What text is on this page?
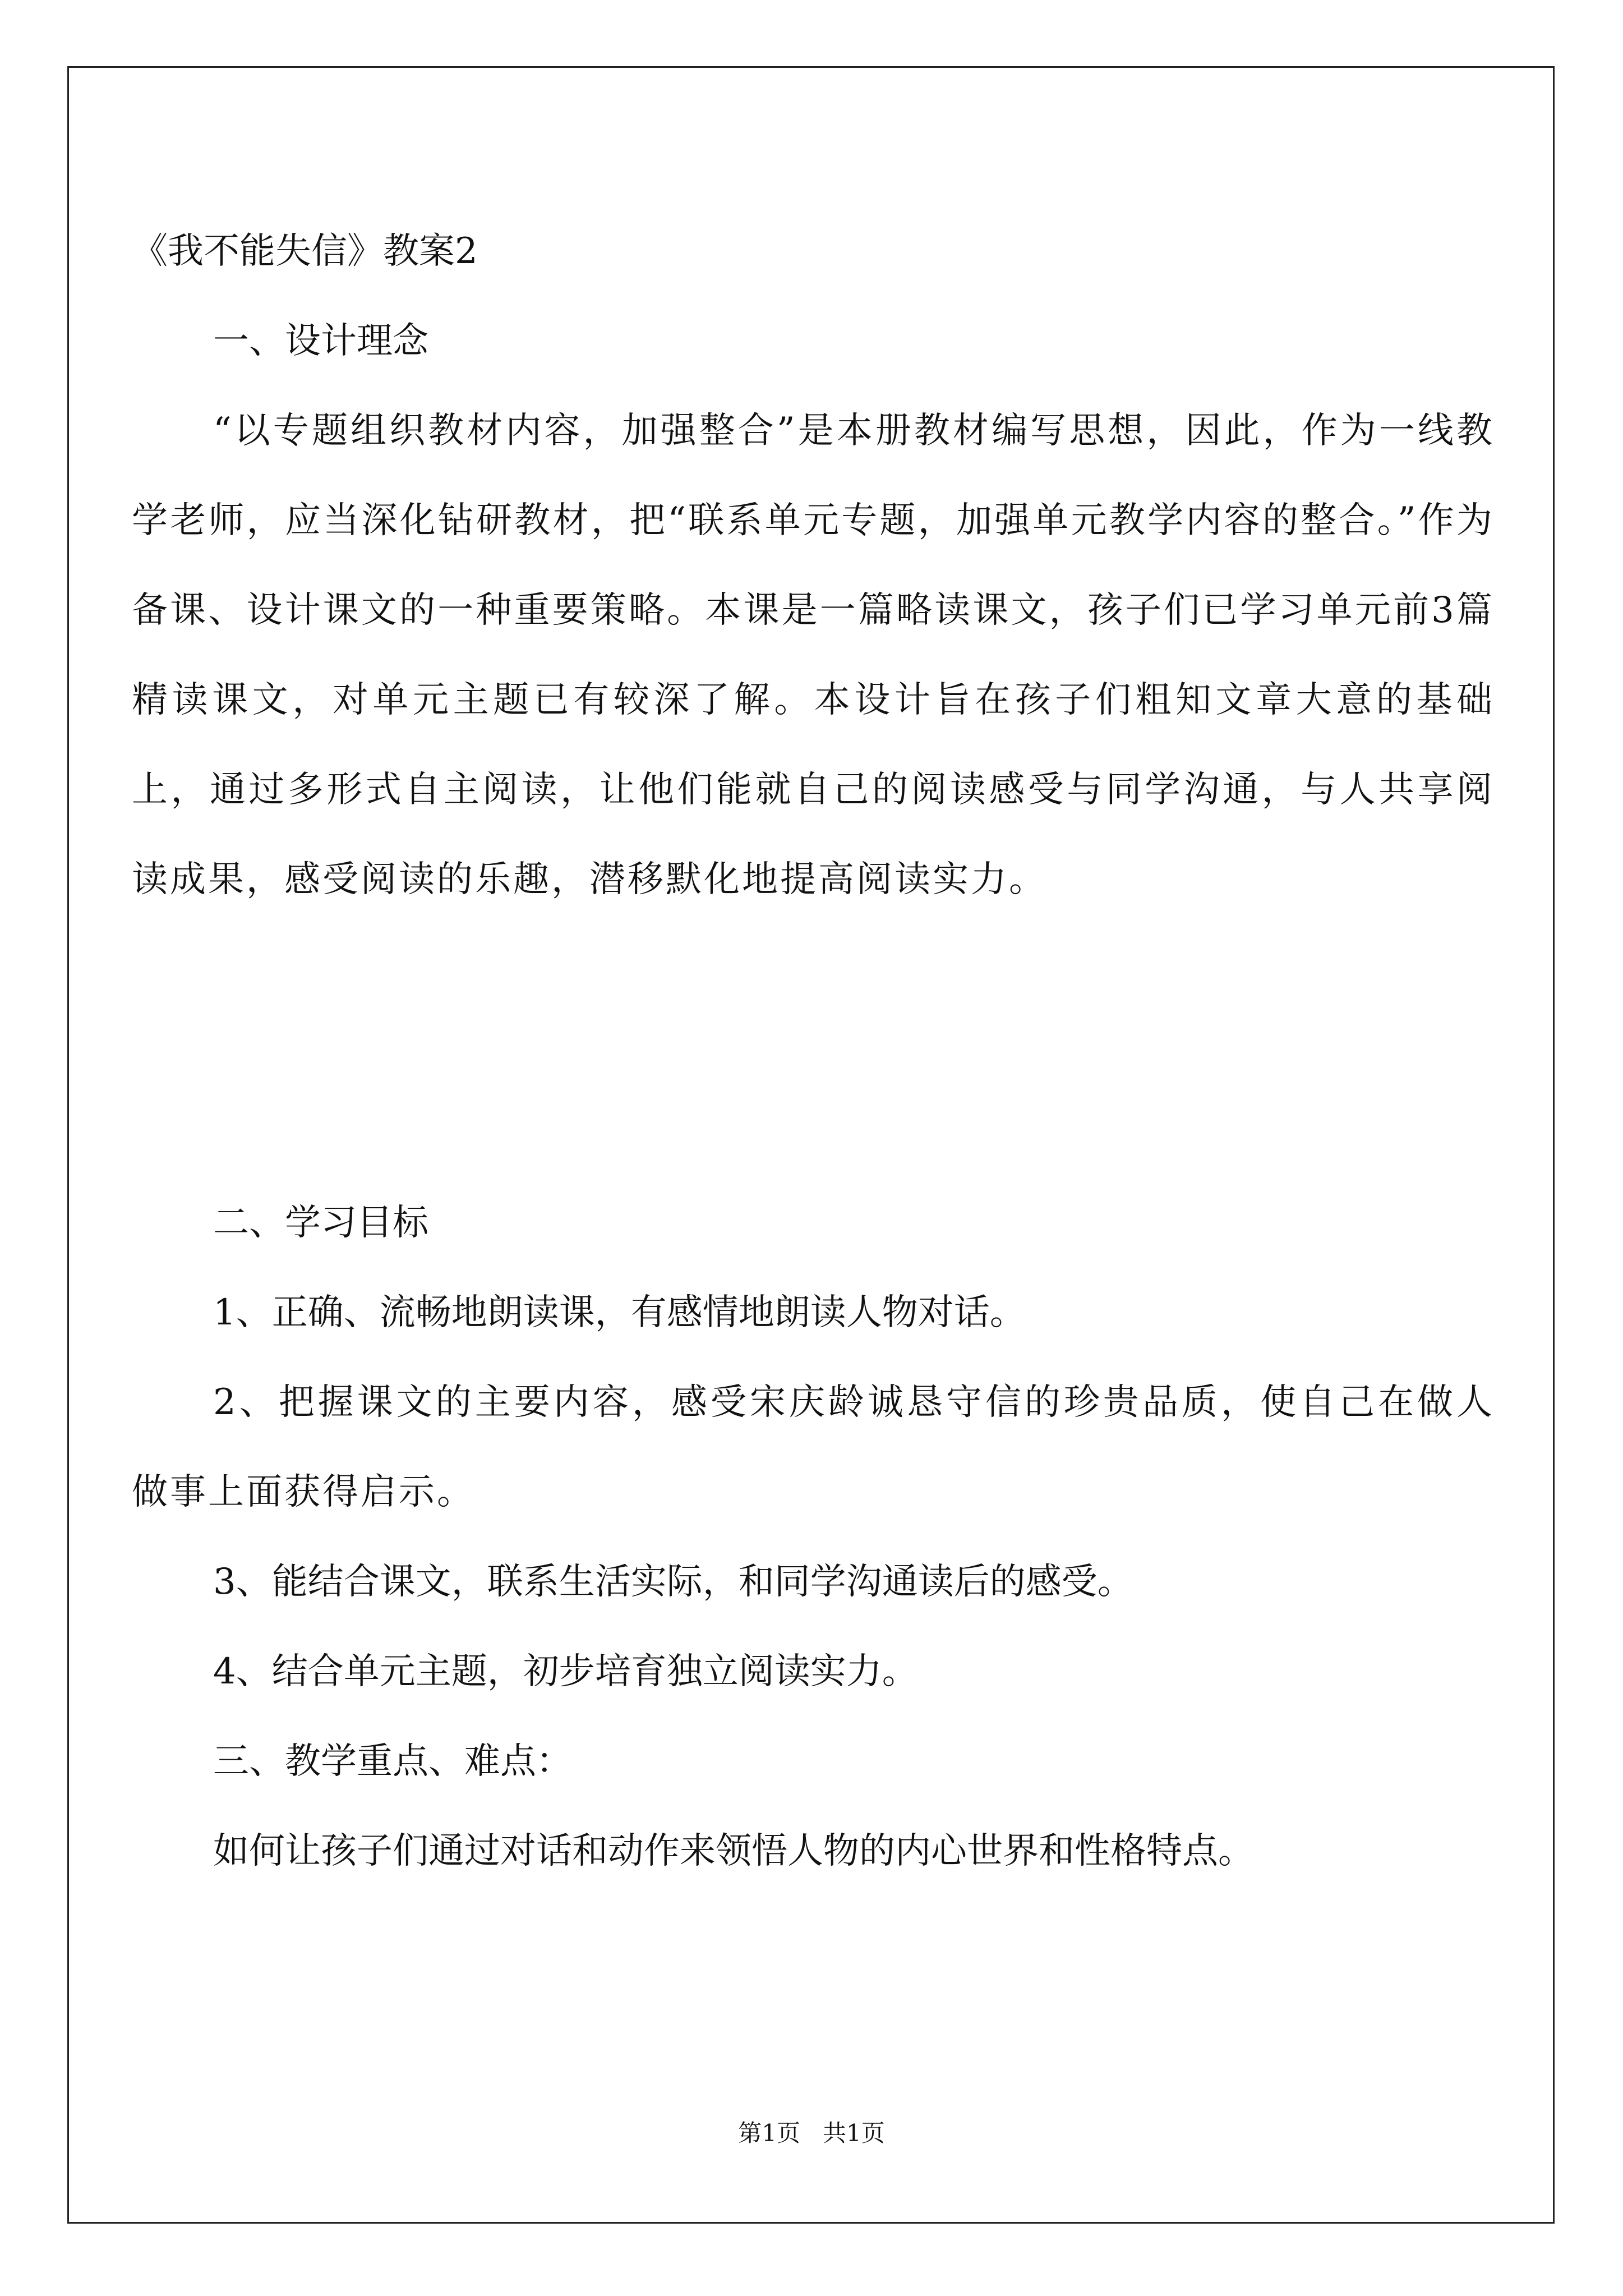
《我不能失信》教案2
一、设计理念
“以专题组织教材内容，加强整合”是本册教材编写思想，因此，作为一线教学老师，应当深化钻研教材，把“联系单元专题，加强单元教学内容的整合。”作为备课、设计课文的一种重要策略。本课是一篇略读课文，孩子们已学习单元前3篇精读课文，对单元主题已有较深了解。本设计旨在孩子们粗知文章大意的基础上，通过多形式自主阅读，让他们能就自己的阅读感受与同学沟通，与人共享阅读成果，感受阅读的乐趣，潜移默化地提高阅读实力。
二、学习目标
1、正确、流畅地朗读课，有感情地朗读人物对话。
2、把握课文的主要内容，感受宋庆龄诚恳守信的珍贵品质，使自己在做人做事上面获得启示。
3、能结合课文，联系生活实际，和同学沟通读后的感受。
4、结合单元主题，初步培育独立阅读实力。
三、教学重点、难点：
如何让孩子们通过对话和动作来领悟人物的内心世界和性格特点。
第1页 共1页
